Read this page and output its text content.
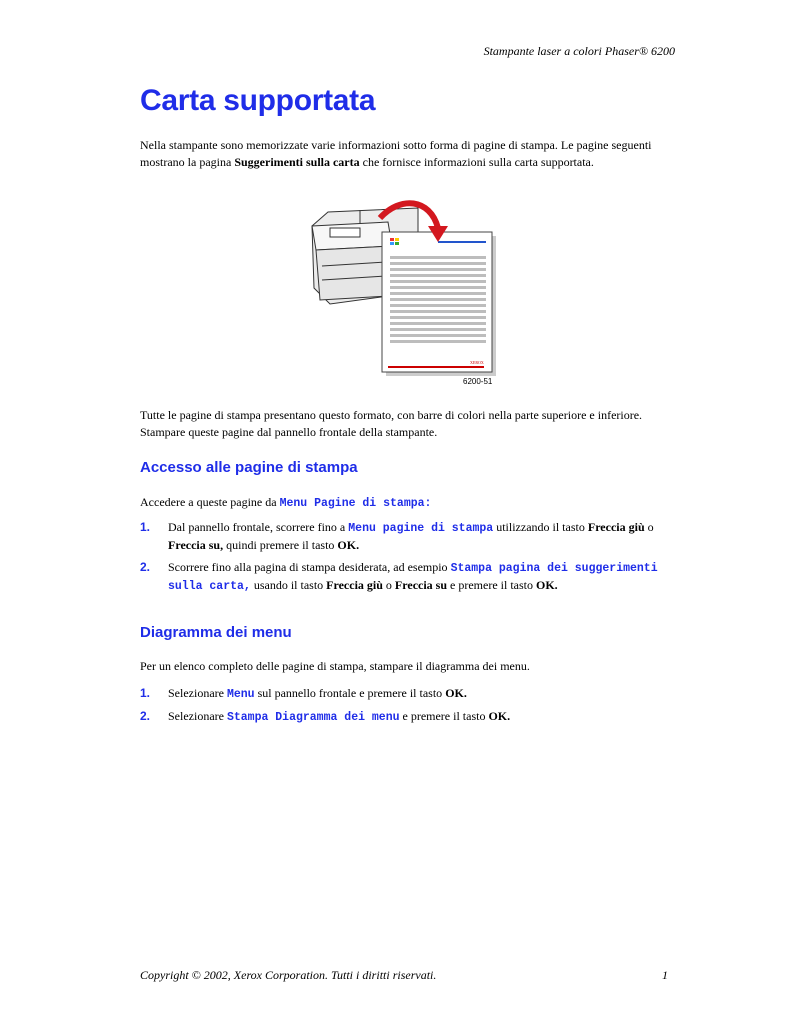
Stampante laser a colori Phaser® 6200
Carta supportata

Nella stampante sono memorizzate varie informazioni sotto forma di pagine di stampa. Le pagine seguenti mostrano la pagina Suggerimenti sulla carta che fornisce informazioni sulla carta supportata.

XEROX
6200-51

Tutte le pagine di stampa presentano questo formato, con barre di colori nella parte superiore e inferiore. Stampare queste pagine dal pannello frontale della stampante.

Accesso alle pagine di stampa

Accedere a queste pagine da Menu Pagine di stampa:

1. Dal pannello frontale, scorrere fino a Menu pagine di stampa utilizzando il tasto Freccia giù o Freccia su, quindi premere il tasto OK.

2. Scorrere fino alla pagina di stampa desiderata, ad esempio Stampa pagina dei suggerimenti sulla carta, usando il tasto Freccia giù o Freccia su e premere il tasto OK.

Diagramma dei menu

Per un elenco completo delle pagine di stampa, stampare il diagramma dei menu.

1. Selezionare Menu sul pannello frontale e premere il tasto OK.

2. Selezionare Stampa Diagramma dei menu e premere il tasto OK.

Copyright © 2002, Xerox Corporation. Tutti i diritti riservati.	1
